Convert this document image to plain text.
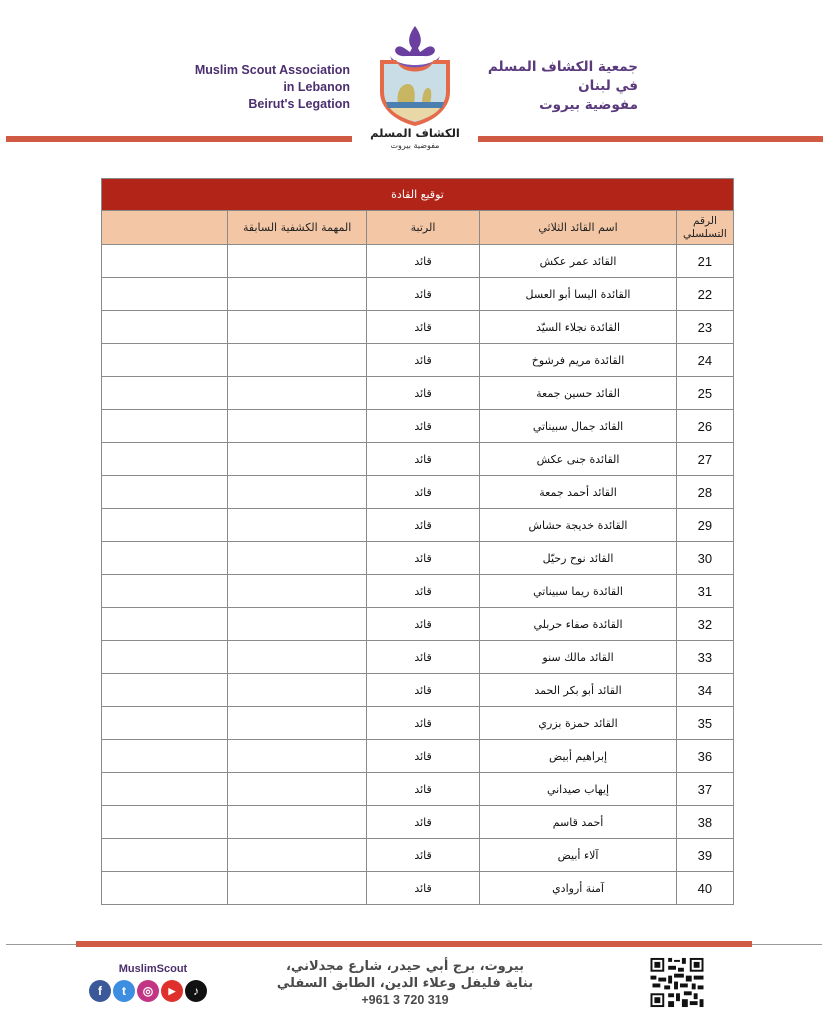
Muslim Scout Association
in Lebanon
Beirut's Legation
جمعية الكشاف المسلم
في لبنان
مفوضية بيروت
الكشاف المسلم
مفوضية بيروت
توقيع القادة				
الرقم
التسلسلي	اسم القائد الثلاثي	الرتبة	المهمة الكشفية السابقة	
21	القائد عمر عكش	قائد		
22	القائدة اليسا أبو العسل	قائد		
23	القائدة نجلاء السيّد	قائد		
24	القائدة مريم فرشوخ	قائد		
25	القائد حسين جمعة	قائد		
26	القائد جمال سبيناتي	قائد		
27	القائدة جنى عكش	قائد		
28	القائد أحمد جمعة	قائد		
29	القائدة خديجة حشاش	قائد		
30	القائد نوح رحيّل	قائد		
31	القائدة ريما سبيناتي	قائد		
32	القائدة صفاء حربلي	قائد		
33	القائد مالك سنو	قائد		
34	القائد أبو بكر الحمد	قائد		
35	القائد حمزة بزري	قائد		
36	إبراهيم أبيض	قائد		
37	إيهاب صيداني	قائد		
38	أحمد قاسم	قائد		
39	آلاء أبيض	قائد		
40	آمنة أروادي	قائد		
MuslimScout
f	t	◎	▶	♪
بيروت، برج أبي حيدر، شارع مجدلاني،
بناية فليفل وعلاء الدين، الطابق السفلي
+961 3 720 319
